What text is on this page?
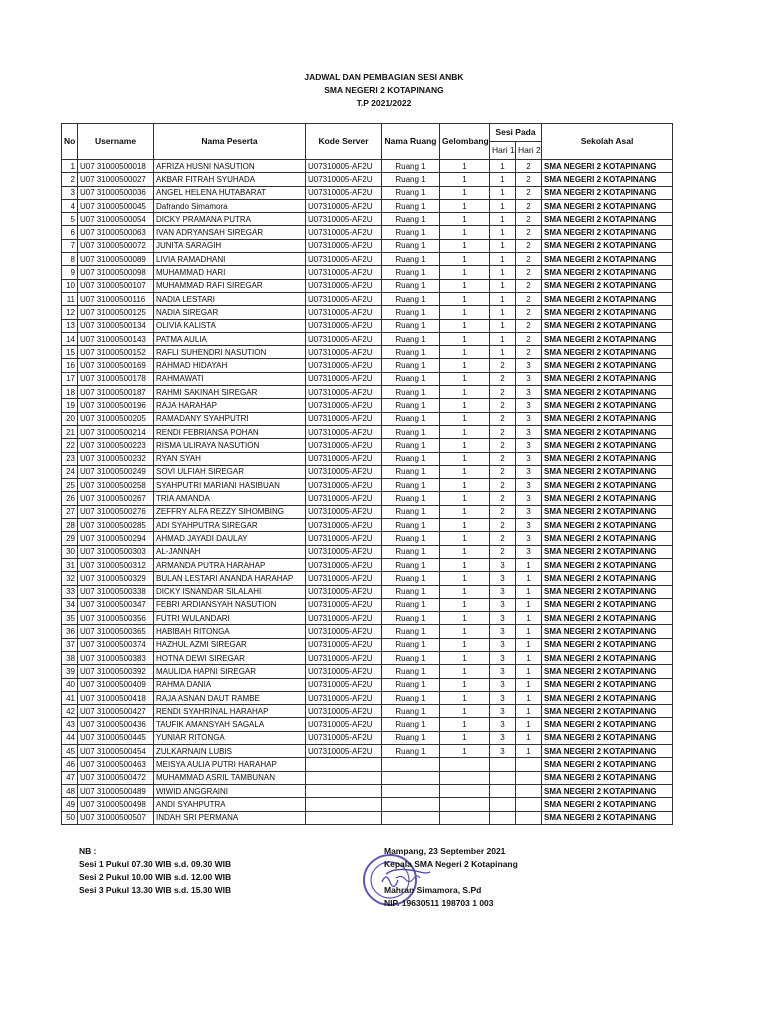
JADWAL DAN PEMBAGIAN SESI ANBK
SMA NEGERI 2 KOTAPINANG
T.P 2021/2022
No	Username	Nama Peserta	Kode Server	Nama Ruang	Gelombang	Sesi Pada		Sekolah Asal
						Hari 1	Hari 2	
1	U07 31000500018	AFRIZA HUSNI NASUTION	U07310005-AF2U	Ruang 1	1	1	2	SMA NEGERI 2 KOTAPINANG
2	U07 31000500027	AKBAR FITRAH SYUHADA	U07310005-AF2U	Ruang 1	1	1	2	SMA NEGERI 2 KOTAPINANG
3	U07 31000500036	ANGEL HELENA HUTABARAT	U07310005-AF2U	Ruang 1	1	1	2	SMA NEGERI 2 KOTAPINANG
4	U07 31000500045	Dafrando Simamora	U07310005-AF2U	Ruang 1	1	1	2	SMA NEGERI 2 KOTAPINANG
5	U07 31000500054	DICKY PRAMANA PUTRA	U07310005-AF2U	Ruang 1	1	1	2	SMA NEGERI 2 KOTAPINANG
6	U07 31000500063	IVAN ADRYANSAH SIREGAR	U07310005-AF2U	Ruang 1	1	1	2	SMA NEGERI 2 KOTAPINANG
7	U07 31000500072	JUNITA SARAGIH	U07310005-AF2U	Ruang 1	1	1	2	SMA NEGERI 2 KOTAPINANG
8	U07 31000500089	LIVIA RAMADHANI	U07310005-AF2U	Ruang 1	1	1	2	SMA NEGERI 2 KOTAPINANG
9	U07 31000500098	MUHAMMAD HARI	U07310005-AF2U	Ruang 1	1	1	2	SMA NEGERI 2 KOTAPINANG
10	U07 31000500107	MUHAMMAD RAFI SIREGAR	U07310005-AF2U	Ruang 1	1	1	2	SMA NEGERI 2 KOTAPINANG
11	U07 31000500116	NADIA LESTARI	U07310005-AF2U	Ruang 1	1	1	2	SMA NEGERI 2 KOTAPINANG
12	U07 31000500125	NADIA SIREGAR	U07310005-AF2U	Ruang 1	1	1	2	SMA NEGERI 2 KOTAPINANG
13	U07 31000500134	OLIVIA KALISTA	U07310005-AF2U	Ruang 1	1	1	2	SMA NEGERI 2 KOTAPINANG
14	U07 31000500143	PATMA AULIA	U07310005-AF2U	Ruang 1	1	1	2	SMA NEGERI 2 KOTAPINANG
15	U07 31000500152	RAFLI SUHENDRI NASUTION	U07310005-AF2U	Ruang 1	1	1	2	SMA NEGERI 2 KOTAPINANG
16	U07 31000500169	RAHMAD HIDAYAH	U07310005-AF2U	Ruang 1	1	2	3	SMA NEGERI 2 KOTAPINANG
17	U07 31000500178	RAHMAWATI	U07310005-AF2U	Ruang 1	1	2	3	SMA NEGERI 2 KOTAPINANG
18	U07 31000500187	RAHMI SAKINAH SIREGAR	U07310005-AF2U	Ruang 1	1	2	3	SMA NEGERI 2 KOTAPINANG
19	U07 31000500196	RAJA HARAHAP	U07310005-AF2U	Ruang 1	1	2	3	SMA NEGERI 2 KOTAPINANG
20	U07 31000500205	RAMADANY SYAHPUTRI	U07310005-AF2U	Ruang 1	1	2	3	SMA NEGERI 2 KOTAPINANG
21	U07 31000500214	RENDI FEBRIANSA POHAN	U07310005-AF2U	Ruang 1	1	2	3	SMA NEGERI 2 KOTAPINANG
22	U07 31000500223	RISMA ULIRAYA NASUTION	U07310005-AF2U	Ruang 1	1	2	3	SMA NEGERI 2 KOTAPINANG
23	U07 31000500232	RYAN SYAH	U07310005-AF2U	Ruang 1	1	2	3	SMA NEGERI 2 KOTAPINANG
24	U07 31000500249	SOVI ULFIAH SIREGAR	U07310005-AF2U	Ruang 1	1	2	3	SMA NEGERI 2 KOTAPINANG
25	U07 31000500258	SYAHPUTRI MARIANI HASIBUAN	U07310005-AF2U	Ruang 1	1	2	3	SMA NEGERI 2 KOTAPINANG
26	U07 31000500267	TRIA AMANDA	U07310005-AF2U	Ruang 1	1	2	3	SMA NEGERI 2 KOTAPINANG
27	U07 31000500276	ZEFFRY ALFA REZZY SIHOMBING	U07310005-AF2U	Ruang 1	1	2	3	SMA NEGERI 2 KOTAPINANG
28	U07 31000500285	ADI SYAHPUTRA SIREGAR	U07310005-AF2U	Ruang 1	1	2	3	SMA NEGERI 2 KOTAPINANG
29	U07 31000500294	AHMAD JAYADI DAULAY	U07310005-AF2U	Ruang 1	1	2	3	SMA NEGERI 2 KOTAPINANG
30	U07 31000500303	AL-JANNAH	U07310005-AF2U	Ruang 1	1	2	3	SMA NEGERI 2 KOTAPINANG
31	U07 31000500312	ARMANDA PUTRA HARAHAP	U07310005-AF2U	Ruang 1	1	3	1	SMA NEGERI 2 KOTAPINANG
32	U07 31000500329	BULAN LESTARI ANANDA HARAHAP	U07310005-AF2U	Ruang 1	1	3	1	SMA NEGERI 2 KOTAPINANG
33	U07 31000500338	DICKY ISNANDAR SILALAHI	U07310005-AF2U	Ruang 1	1	3	1	SMA NEGERI 2 KOTAPINANG
34	U07 31000500347	FEBRI ARDIANSYAH NASUTION	U07310005-AF2U	Ruang 1	1	3	1	SMA NEGERI 2 KOTAPINANG
35	U07 31000500356	FUTRI WULANDARI	U07310005-AF2U	Ruang 1	1	3	1	SMA NEGERI 2 KOTAPINANG
36	U07 31000500365	HABIBAH RITONGA	U07310005-AF2U	Ruang 1	1	3	1	SMA NEGERI 2 KOTAPINANG
37	U07 31000500374	HAZHUL AZMI SIREGAR	U07310005-AF2U	Ruang 1	1	3	1	SMA NEGERI 2 KOTAPINANG
38	U07 31000500383	HOTNA DEWI SIREGAR	U07310005-AF2U	Ruang 1	1	3	1	SMA NEGERI 2 KOTAPINANG
39	U07 31000500392	MAULIDA HAPNI SIREGAR	U07310005-AF2U	Ruang 1	1	3	1	SMA NEGERI 2 KOTAPINANG
40	U07 31000500409	RAHMA DANIA	U07310005-AF2U	Ruang 1	1	3	1	SMA NEGERI 2 KOTAPINANG
41	U07 31000500418	RAJA ASNAN DAUT RAMBE	U07310005-AF2U	Ruang 1	1	3	1	SMA NEGERI 2 KOTAPINANG
42	U07 31000500427	RENDI SYAHRINAL HARAHAP	U07310005-AF2U	Ruang 1	1	3	1	SMA NEGERI 2 KOTAPINANG
43	U07 31000500436	TAUFIK AMANSYAH SAGALA	U07310005-AF2U	Ruang 1	1	3	1	SMA NEGERI 2 KOTAPINANG
44	U07 31000500445	YUNIAR RITONGA	U07310005-AF2U	Ruang 1	1	3	1	SMA NEGERI 2 KOTAPINANG
45	U07 31000500454	ZULKARNAIN LUBIS	U07310005-AF2U	Ruang 1	1	3	1	SMA NEGERI 2 KOTAPINANG
46	U07 31000500463	MEISYA AULIA PUTRI HARAHAP						SMA NEGERI 2 KOTAPINANG
47	U07 31000500472	MUHAMMAD ASRIL TAMBUNAN						SMA NEGERI 2 KOTAPINANG
48	U07 31000500489	WIWID ANGGRAINI						SMA NEGERI 2 KOTAPINANG
49	U07 31000500498	ANDI SYAHPUTRA						SMA NEGERI 2 KOTAPINANG
50	U07 31000500507	INDAH SRI PERMANA						SMA NEGERI 2 KOTAPINANG
NB :
Sesi 1 Pukul 07.30 WIB s.d. 09.30 WIB
Sesi 2 Pukul 10.00 WIB s.d. 12.00 WIB
Sesi 3 Pukul 13.30 WIB s.d. 15.30 WIB
Mampang, 23 September 2021
Kepala SMA Negeri 2 Kotapinang
Mahran Simamora, S.Pd
NIP. 19630511 198703 1 003
